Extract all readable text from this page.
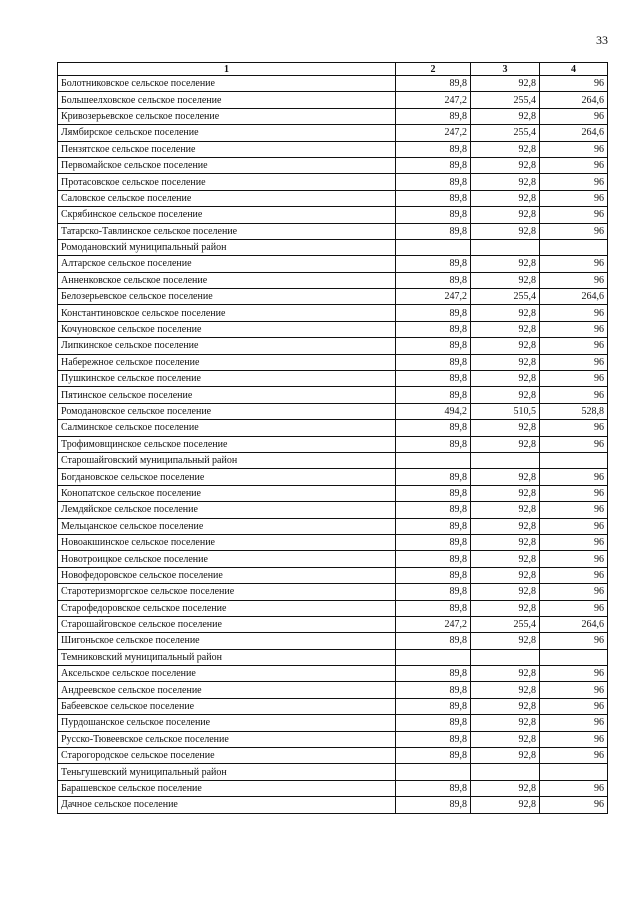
33
1	2	3	4
Болотниковское сельское поселение	89,8	92,8	96
Большеелховское сельское поселение	247,2	255,4	264,6
Кривозерьевское сельское поселение	89,8	92,8	96
Лямбирское сельское поселение	247,2	255,4	264,6
Пензятское сельское поселение	89,8	92,8	96
Первомайское сельское поселение	89,8	92,8	96
Протасовское сельское поселение	89,8	92,8	96
Саловское сельское поселение	89,8	92,8	96
Скрябинское сельское поселение	89,8	92,8	96
Татарско-Тавлинское сельское поселение	89,8	92,8	96
Ромодановский муниципальный район			
Алтарское сельское поселение	89,8	92,8	96
Анненковское сельское поселение	89,8	92,8	96
Белозерьевское сельское поселение	247,2	255,4	264,6
Константиновское сельское поселение	89,8	92,8	96
Кочуновское сельское поселение	89,8	92,8	96
Липкинское сельское поселение	89,8	92,8	96
Набережное сельское поселение	89,8	92,8	96
Пушкинское сельское поселение	89,8	92,8	96
Пятинское сельское поселение	89,8	92,8	96
Ромодановское сельское поселение	494,2	510,5	528,8
Салминское сельское поселение	89,8	92,8	96
Трофимовщинское сельское поселение	89,8	92,8	96
Старошайговский муниципальный район			
Богдановское сельское поселение	89,8	92,8	96
Конопатское сельское поселение	89,8	92,8	96
Лемдяйское сельское поселение	89,8	92,8	96
Мельцанское сельское поселение	89,8	92,8	96
Новоакшинское сельское поселение	89,8	92,8	96
Новотроицкое сельское поселение	89,8	92,8	96
Новофедоровское сельское поселение	89,8	92,8	96
Старотеризморгское сельское поселение	89,8	92,8	96
Старофедоровское сельское поселение	89,8	92,8	96
Старошайговское сельское поселение	247,2	255,4	264,6
Шигоньское сельское поселение	89,8	92,8	96
Темниковский муниципальный район			
Аксельское сельское поселение	89,8	92,8	96
Андреевское сельское поселение	89,8	92,8	96
Бабеевское сельское поселение	89,8	92,8	96
Пурдошанское сельское поселение	89,8	92,8	96
Русско-Тювеевское сельское поселение	89,8	92,8	96
Старогородское сельское поселение	89,8	92,8	96
Теньгушевский муниципальный район			
Барашевское сельское поселение	89,8	92,8	96
Дачное сельское поселение	89,8	92,8	96
